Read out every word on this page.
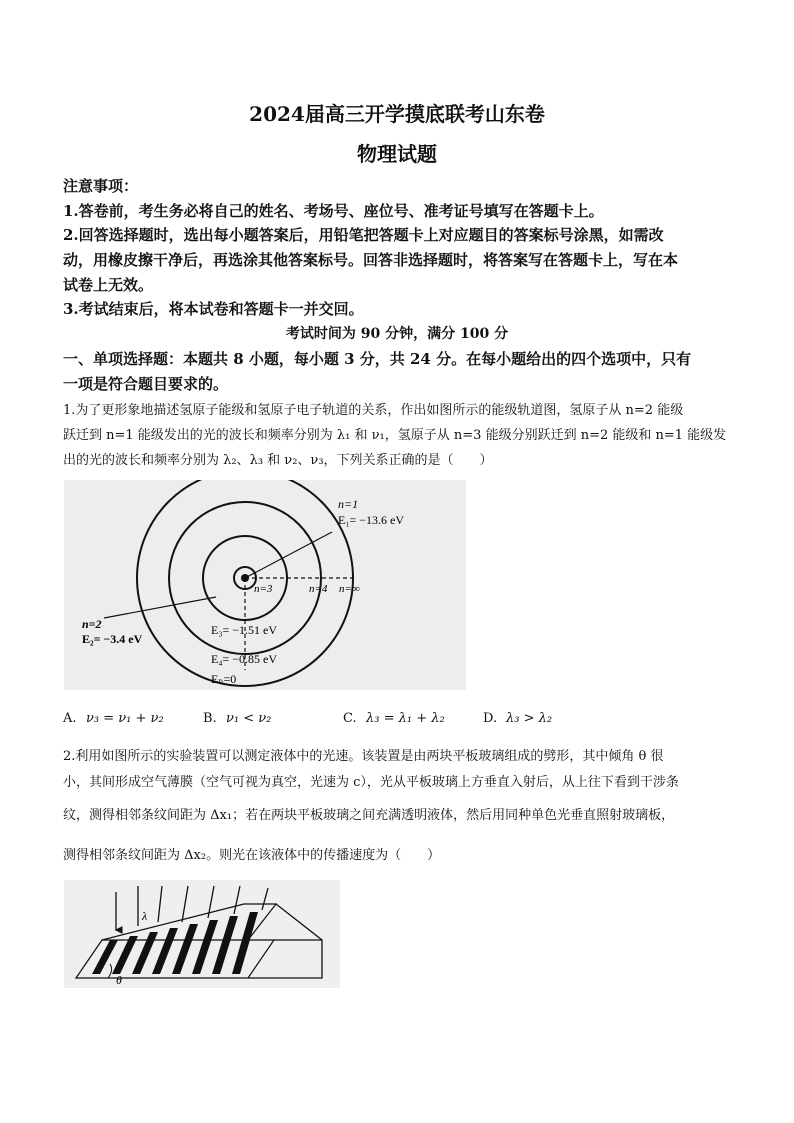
2024届高三开学摸底联考山东卷
物理试题
注意事项：
1.答卷前，考生务必将自己的姓名、考场号、座位号、准考证号填写在答题卡上。
2.回答选择题时，选出每小题答案后，用铅笔把答题卡上对应题目的答案标号涂黑，如需改
动，用橡皮擦干净后，再选涂其他答案标号。回答非选择题时，将答案写在答题卡上，写在本
试卷上无效。
3.考试结束后，将本试卷和答题卡一并交回。
考试时间为 90 分钟，满分 100 分
一、单项选择题：本题共 8 小题，每小题 3 分，共 24 分。在每小题给出的四个选项中，只有
一项是符合题目要求的。
1.为了更形象地描述氢原子能级和氢原子电子轨道的关系，作出如图所示的能级轨道图，氢原子从 n=2 能级
跃迁到 n=1 能级发出的光的波长和频率分别为 λ₁ 和 ν₁，氢原子从 n=3 能级分别跃迁到 n=2 能级和 n=1 能级发
出的光的波长和频率分别为 λ₂、λ₃ 和 ν₂、ν₃，下列关系正确的是（　　）
n=1
E₁= −13.6 eV
n=3	n=4 n=∞
n=2
E₂= −3.4 eV
E₃= −1.51 eV
E₄= −0.85 eV
Eₙ=0
A. ν₃ = ν₁ + ν₂	B. ν₁ < ν₂	C. λ₃ = λ₁ + λ₂	D. λ₃ > λ₂
2.利用如图所示的实验装置可以测定液体中的光速。该装置是由两块平板玻璃组成的劈形，其中倾角 θ 很
小，其间形成空气薄膜（空气可视为真空，光速为 c），光从平板玻璃上方垂直入射后，从上往下看到干涉条
纹，测得相邻条纹间距为 Δx₁；若在两块平板玻璃之间充满透明液体，然后用同种单色光垂直照射玻璃板，
测得相邻条纹间距为 Δx₂。则光在该液体中的传播速度为（　　）
λ
θ
